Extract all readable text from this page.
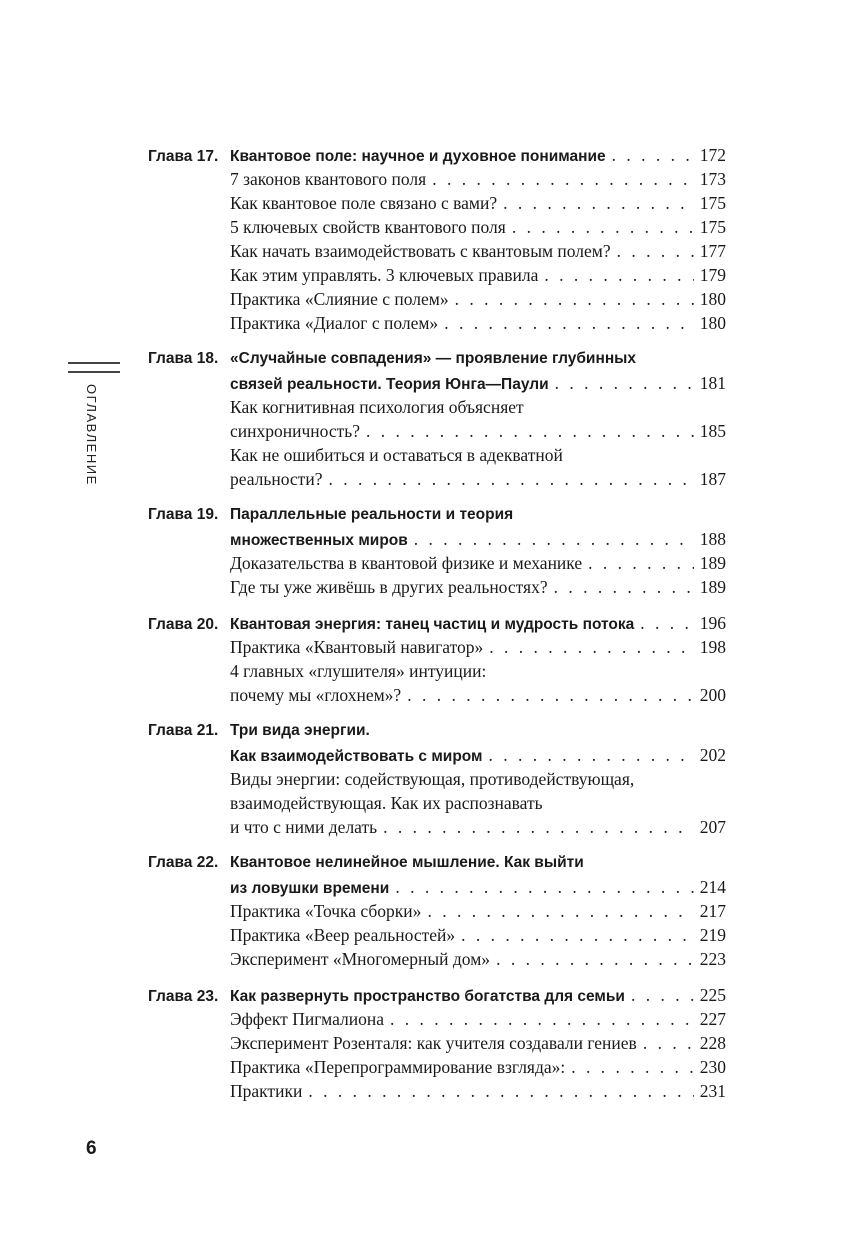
ОГЛАВЛЕНИЕ
Глава 17. Квантовое поле: научное и духовное понимание . . .	172
7 законов квантового поля . . .	173
Как квантовое поле связано с вами? . . .	175
5 ключевых свойств квантового поля . . .	175
Как начать взаимодействовать с квантовым полем? . . .	177
Как этим управлять. 3 ключевых правила . . .	179
Практика «Слияние с полем» . . .	180
Практика «Диалог с полем» . . .	180
Глава 18. «Случайные совпадения» — проявление глубинных
связей реальности. Теория Юнга—Паули . . .	181
Как когнитивная психология объясняет
синхроничность? . . .	185
Как не ошибиться и оставаться в адекватной
реальности? . . .	187
Глава 19. Параллельные реальности и теория
множественных миров . . .	188
Доказательства в квантовой физике и механике . . .	189
Где ты уже живёшь в других реальностях? . . .	189
Глава 20. Квантовая энергия: танец частиц и мудрость потока . . .	196
Практика «Квантовый навигатор» . . .	198
4 главных «глушителя» интуиции:
почему мы «глохнем»? . . .	200
Глава 21. Три вида энергии.
Как взаимодействовать с миром . . .	202
Виды энергии: содействующая, противодействующая,
взаимодействующая. Как их распознавать
и что с ними делать . . .	207
Глава 22. Квантовое нелинейное мышление. Как выйти
из ловушки времени . . .	214
Практика «Точка сборки» . . .	217
Практика «Веер реальностей» . . .	219
Эксперимент «Многомерный дом» . . .	223
Глава 23. Как развернуть пространство богатства для семьи . . .	225
Эффект Пигмалиона . . .	227
Эксперимент Розенталя: как учителя создавали гениев . . .	228
Практика «Перепрограммирование взгляда»: . . .	230
Практики . . .	231
6
